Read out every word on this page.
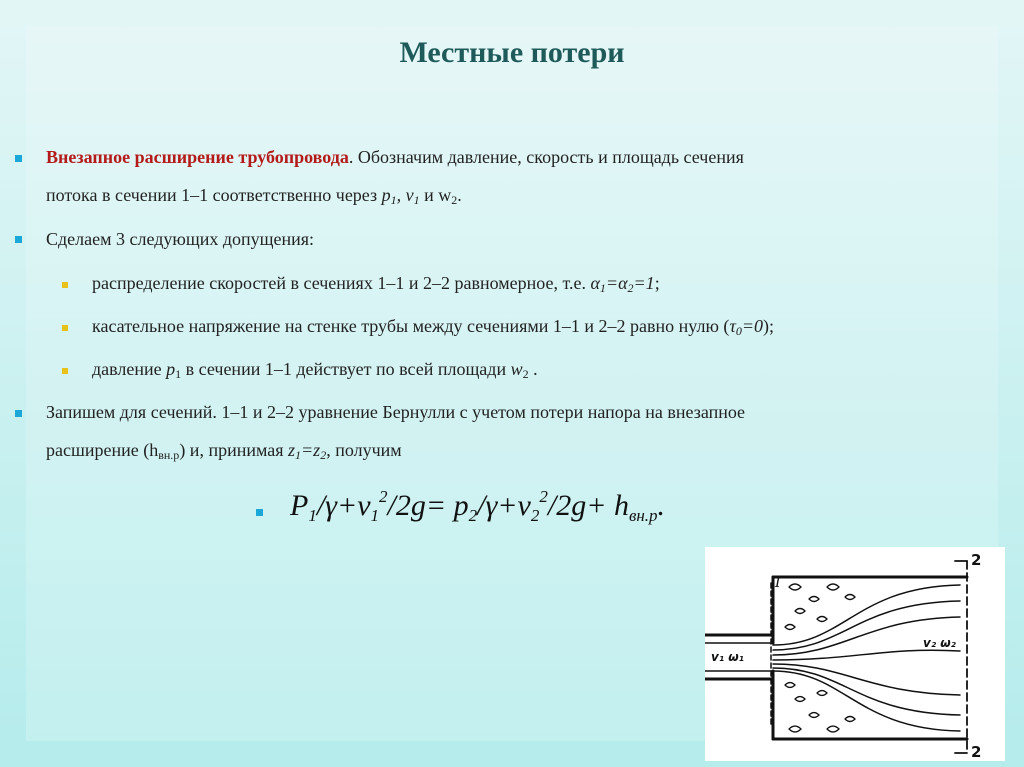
Местные потери
Внезапное расширение трубопровода. Обозначим давление, скорость и площадь сечения
потока в сечении 1–1 соответственно через $p_1$, $v_1$ и $w_2$.
Сделаем 3 следующих допущения:
распределение скоростей в сечениях 1–1 и 2–2 равномерное, т.е. $\alpha_1=\alpha_2=1$;
касательное напряжение на стенке трубы между сечениями 1–1 и 2–2 равно нулю $(\tau_0=0)$;
давление $p_1$ в сечении 1–1 действует по всей площади $w_2$ .
Запишем для сечений. 1–1 и 2–2 уравнение Бернулли с учетом потери напора на внезапное
расширение $(h_{вн.р})$ и, принимая $z_1=z_2$, получим
$P_1/\gamma+v_1^2/2g= p_2/\gamma+v_2^2/2g+ h_{вн.р}$.
I
2
2
v₁ ω₁
v₂ ω₂
